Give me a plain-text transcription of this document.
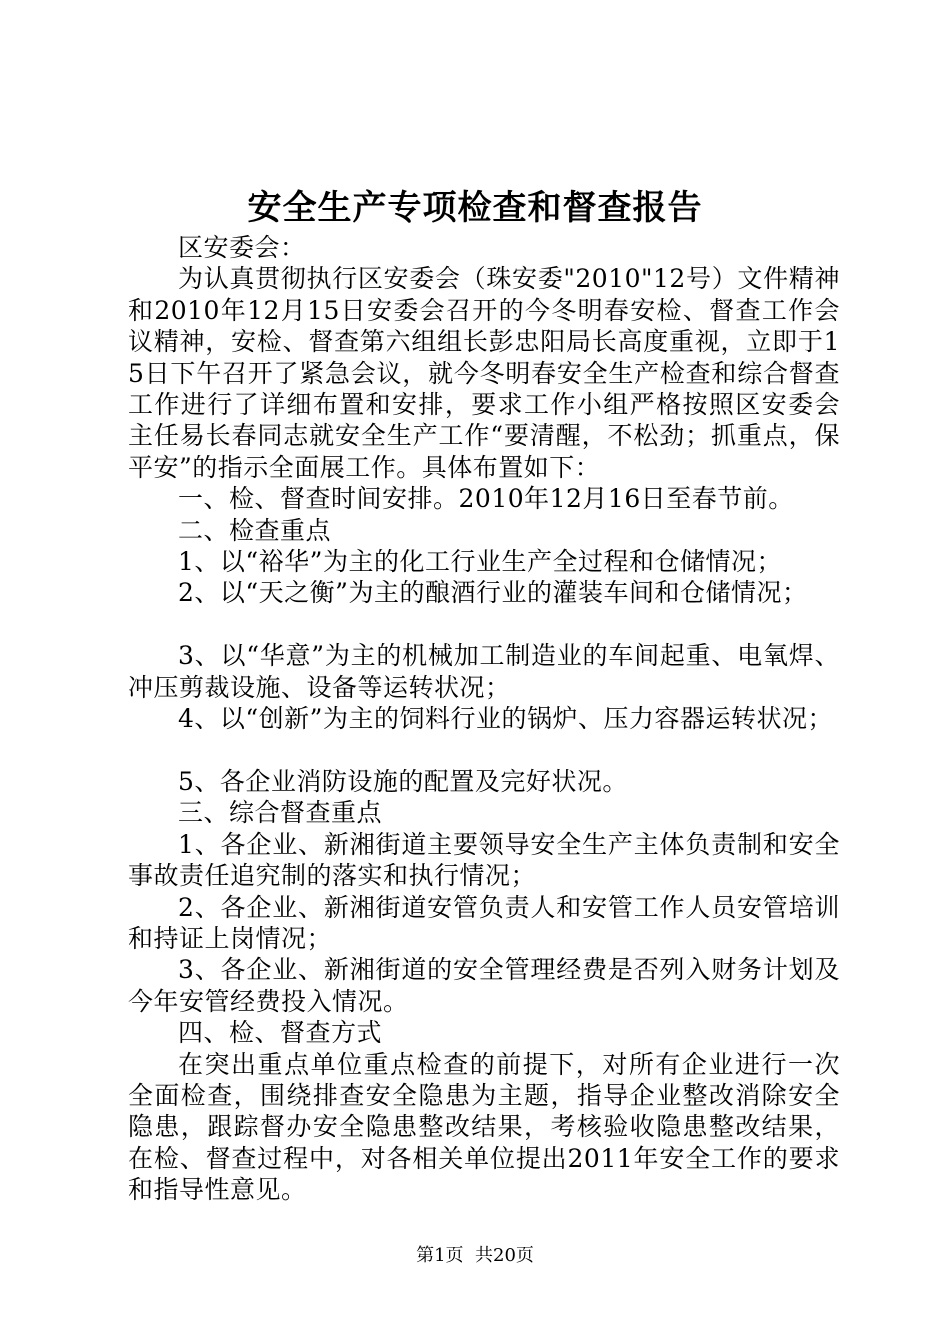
安全生产专项检查和督查报告

区安委会：

为认真贯彻执行区安委会（珠安委"2010"12号）文件精神和2010年12月15日安委会召开的今冬明春安检、督查工作会议精神，安检、督查第六组组长彭忠阳局长高度重视，立即于15日下午召开了紧急会议，就今冬明春安全生产检查和综合督查工作进行了详细布置和安排，要求工作小组严格按照区安委会主任易长春同志就安全生产工作“要清醒，不松劲；抓重点，保平安”的指示全面展工作。具体布置如下：

一、检、督查时间安排。2010年12月16日至春节前。

二、检查重点

1、以“裕华”为主的化工行业生产全过程和仓储情况；

2、以“天之衡”为主的酿酒行业的灌装车间和仓储情况；

3、以“华意”为主的机械加工制造业的车间起重、电氧焊、冲压剪裁设施、设备等运转状况；

4、以“创新”为主的饲料行业的锅炉、压力容器运转状况；

5、各企业消防设施的配置及完好状况。

三、综合督查重点

1、各企业、新湘街道主要领导安全生产主体负责制和安全事故责任追究制的落实和执行情况；

2、各企业、新湘街道安管负责人和安管工作人员安管培训和持证上岗情况；

3、各企业、新湘街道的安全管理经费是否列入财务计划及今年安管经费投入情况。

四、检、督查方式

在突出重点单位重点检查的前提下，对所有企业进行一次全面检查，围绕排查安全隐患为主题，指导企业整改消除安全隐患，跟踪督办安全隐患整改结果，考核验收隐患整改结果，在检、督查过程中，对各相关单位提出2011年安全工作的要求和指导性意见。

第1页  共20页
